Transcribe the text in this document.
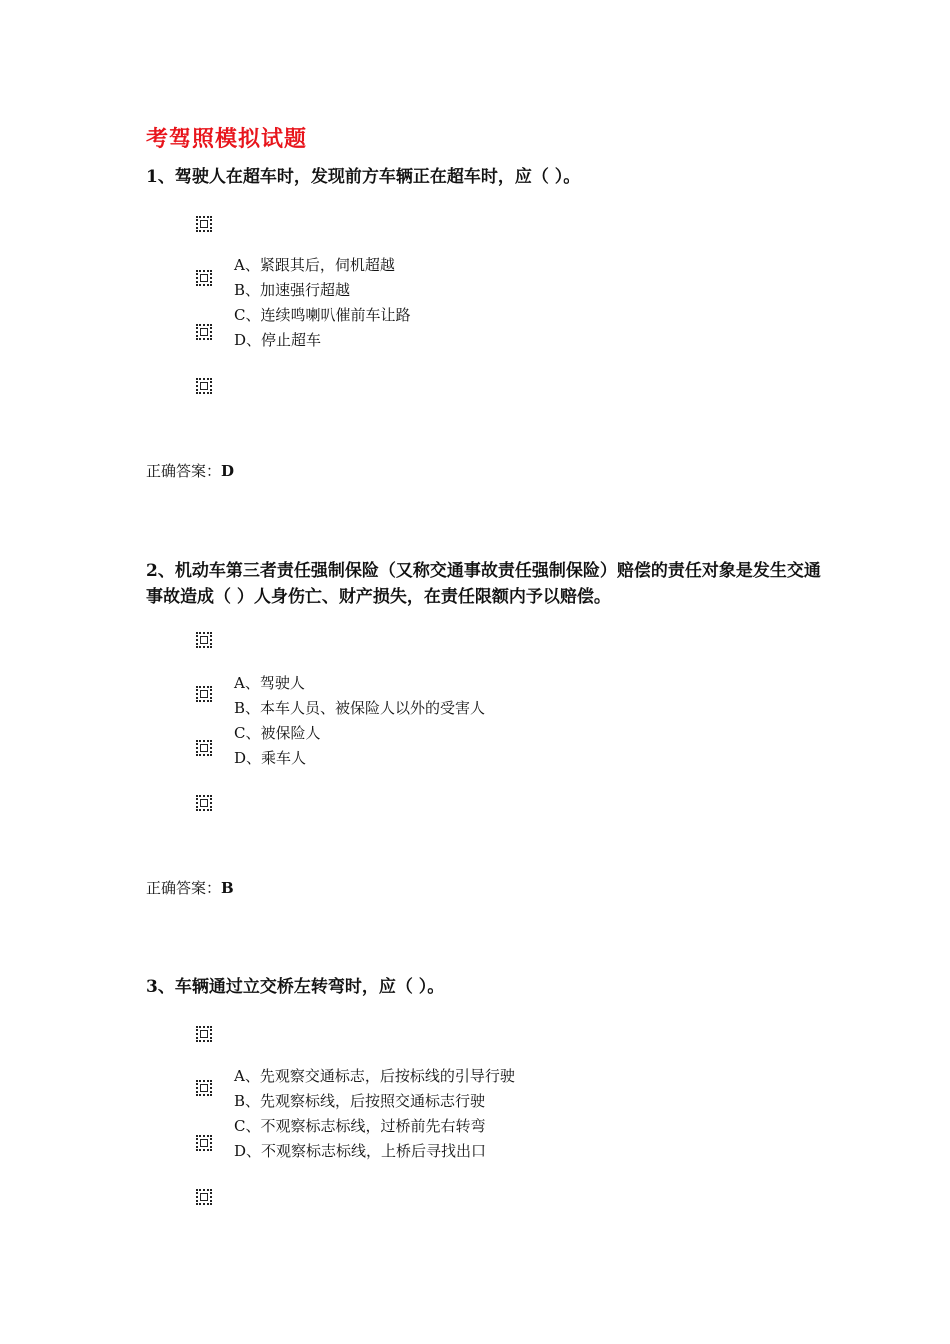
考驾照模拟试题

1、驾驶人在超车时，发现前方车辆正在超车时，应（ ）。

A、紧跟其后，伺机超越
B、加速强行超越
C、连续鸣喇叭催前车让路
D、停止超车
正确答案：D

2、机动车第三者责任强制保险（又称交通事故责任强制保险）赔偿的责任对象是发生交通事故造成（ ）人身伤亡、财产损失，在责任限额内予以赔偿。

A、驾驶人
B、本车人员、被保险人以外的受害人
C、被保险人
D、乘车人
正确答案：B

3、车辆通过立交桥左转弯时，应（ ）。

A、先观察交通标志，后按标线的引导行驶
B、先观察标线，后按照交通标志行驶
C、不观察标志标线，过桥前先右转弯
D、不观察标志标线，上桥后寻找出口
